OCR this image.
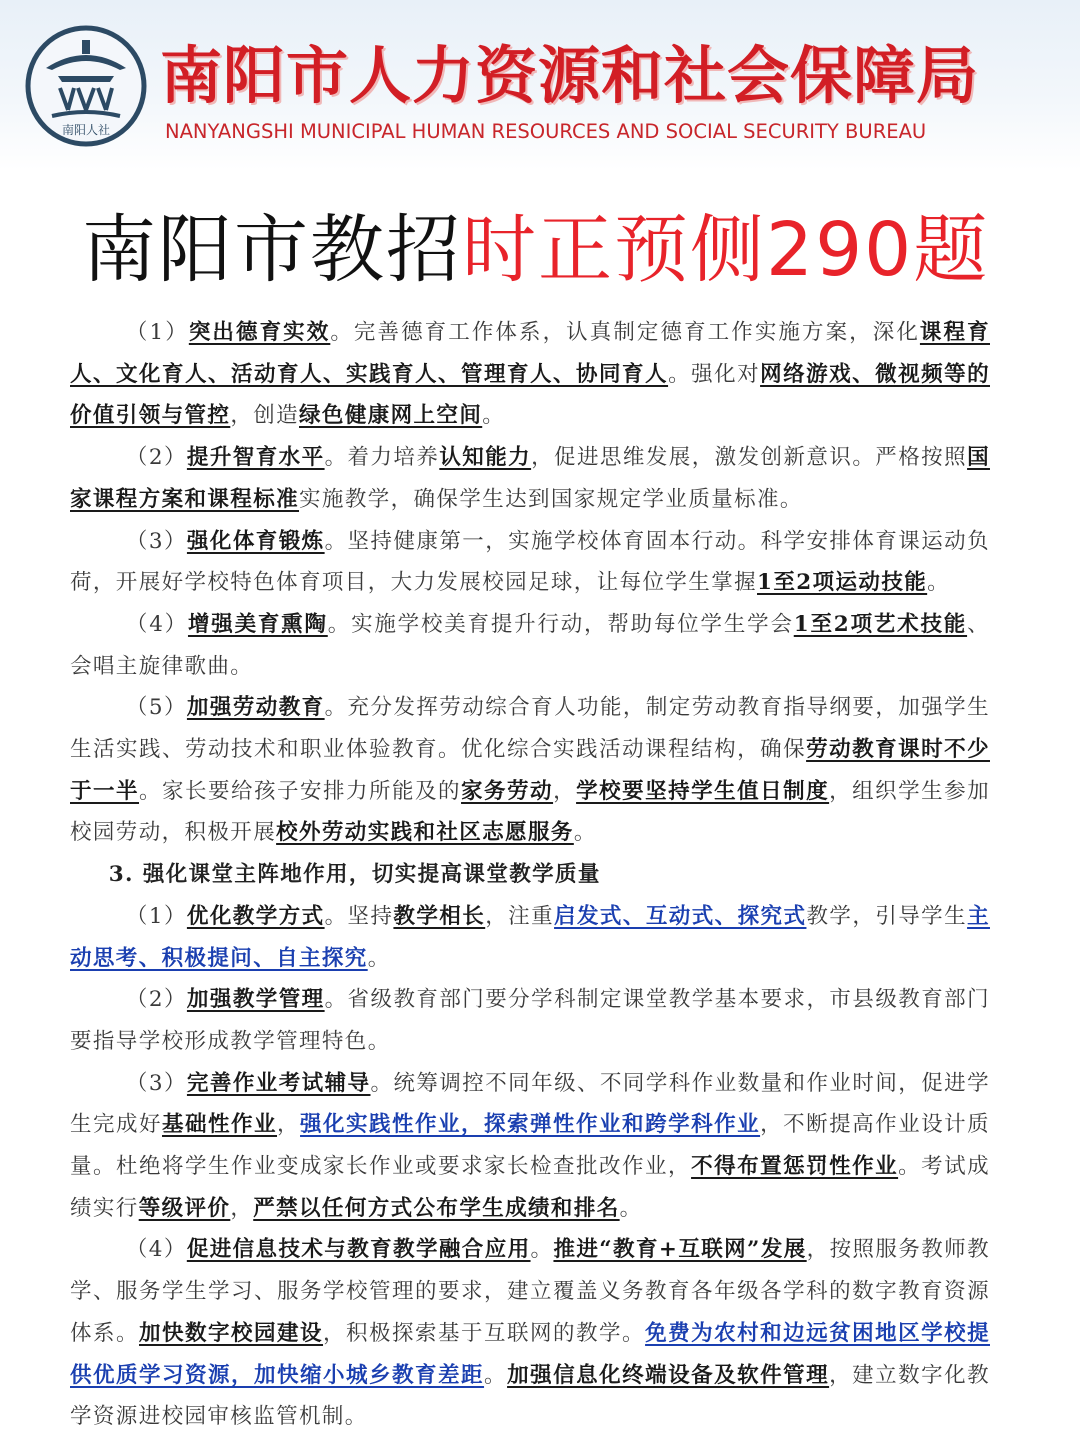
南阳人社
南阳市人力资源和社会保障局
NANYANGSHI MUNICIPAL HUMAN RESOURCES AND SOCIAL SECURITY BUREAU
南阳市教招时正预侧290题

（1）突出德育实效。完善德育工作体系，认真制定德育工作实施方案，深化课程育人、文化育人、活动育人、实践育人、管理育人、协同育人。强化对网络游戏、微视频等的价值引领与管控，创造绿色健康网上空间。

（2）提升智育水平。着力培养认知能力，促进思维发展，激发创新意识。严格按照国家课程方案和课程标准实施教学，确保学生达到国家规定学业质量标准。

（3）强化体育锻炼。坚持健康第一，实施学校体育固本行动。科学安排体育课运动负荷，开展好学校特色体育项目，大力发展校园足球，让每位学生掌握1至2项运动技能。

（4）增强美育熏陶。实施学校美育提升行动，帮助每位学生学会1至2项艺术技能、会唱主旋律歌曲。

（5）加强劳动教育。充分发挥劳动综合育人功能，制定劳动教育指导纲要，加强学生生活实践、劳动技术和职业体验教育。优化综合实践活动课程结构，确保劳动教育课时不少于一半。家长要给孩子安排力所能及的家务劳动，学校要坚持学生值日制度，组织学生参加校园劳动，积极开展校外劳动实践和社区志愿服务。

3. 强化课堂主阵地作用，切实提高课堂教学质量

（1）优化教学方式。坚持教学相长，注重启发式、互动式、探究式教学，引导学生主动思考、积极提问、自主探究。

（2）加强教学管理。省级教育部门要分学科制定课堂教学基本要求，市县级教育部门要指导学校形成教学管理特色。

（3）完善作业考试辅导。统筹调控不同年级、不同学科作业数量和作业时间，促进学生完成好基础性作业，强化实践性作业，探索弹性作业和跨学科作业，不断提高作业设计质量。杜绝将学生作业变成家长作业或要求家长检查批改作业，不得布置惩罚性作业。考试成绩实行等级评价，严禁以任何方式公布学生成绩和排名。

（4）促进信息技术与教育教学融合应用。推进“教育+互联网”发展，按照服务教师教学、服务学生学习、服务学校管理的要求，建立覆盖义务教育各年级各学科的数字教育资源体系。加快数字校园建设，积极探索基于互联网的教学。免费为农村和边远贫困地区学校提供优质学习资源，加快缩小城乡教育差距。加强信息化终端设备及软件管理，建立数字化教学资源进校园审核监管机制。
